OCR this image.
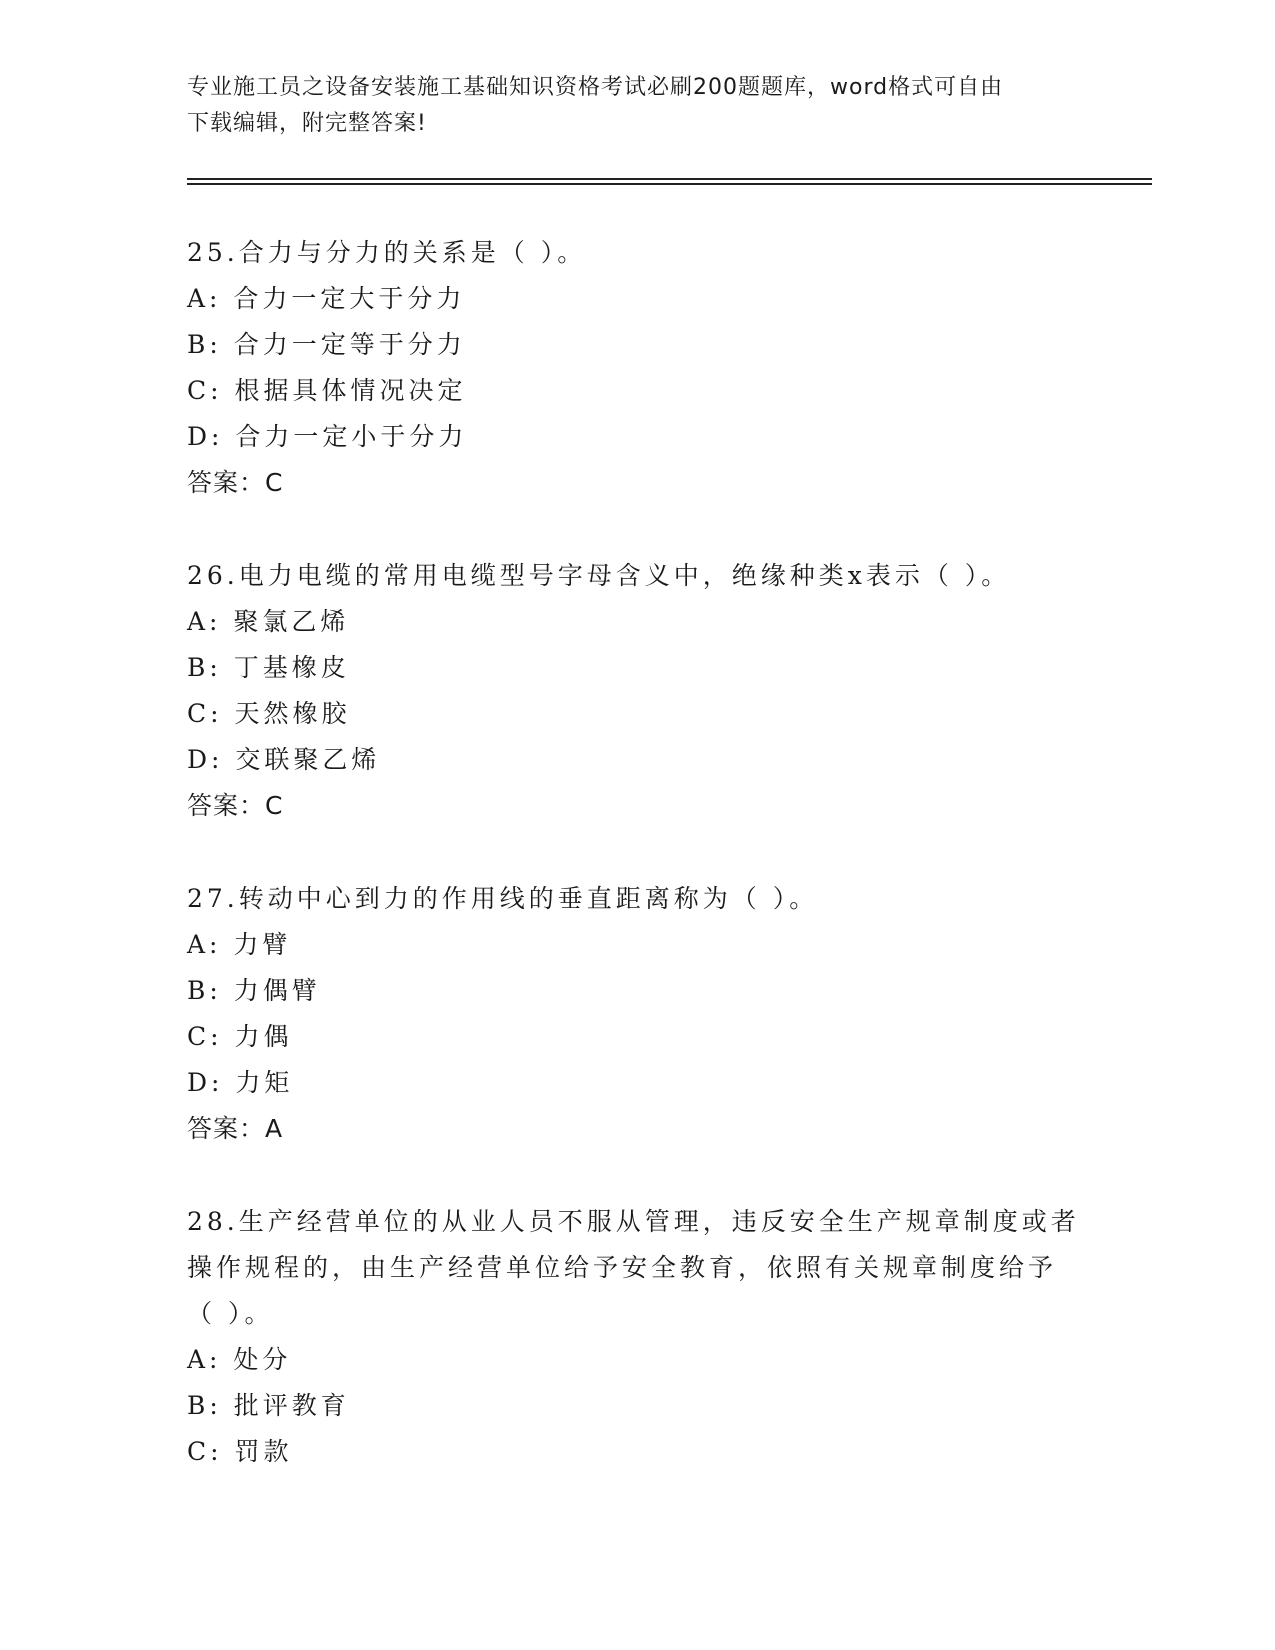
专业施工员之设备安装施工基础知识资格考试必刷200题题库，word格式可自由
下载编辑，附完整答案!
25.合力与分力的关系是（ ）。
A: 合力一定大于分力
B: 合力一定等于分力
C: 根据具体情况决定
D: 合力一定小于分力
答案：C
26.电力电缆的常用电缆型号字母含义中，绝缘种类x表示（ ）。
A: 聚氯乙烯
B: 丁基橡皮
C: 天然橡胶
D: 交联聚乙烯
答案：C
27.转动中心到力的作用线的垂直距离称为（ ）。
A: 力臂
B: 力偶臂
C: 力偶
D: 力矩
答案：A
28.生产经营单位的从业人员不服从管理，违反安全生产规章制度或者
操作规程的，由生产经营单位给予安全教育，依照有关规章制度给予
（ ）。
A: 处分
B: 批评教育
C: 罚款
